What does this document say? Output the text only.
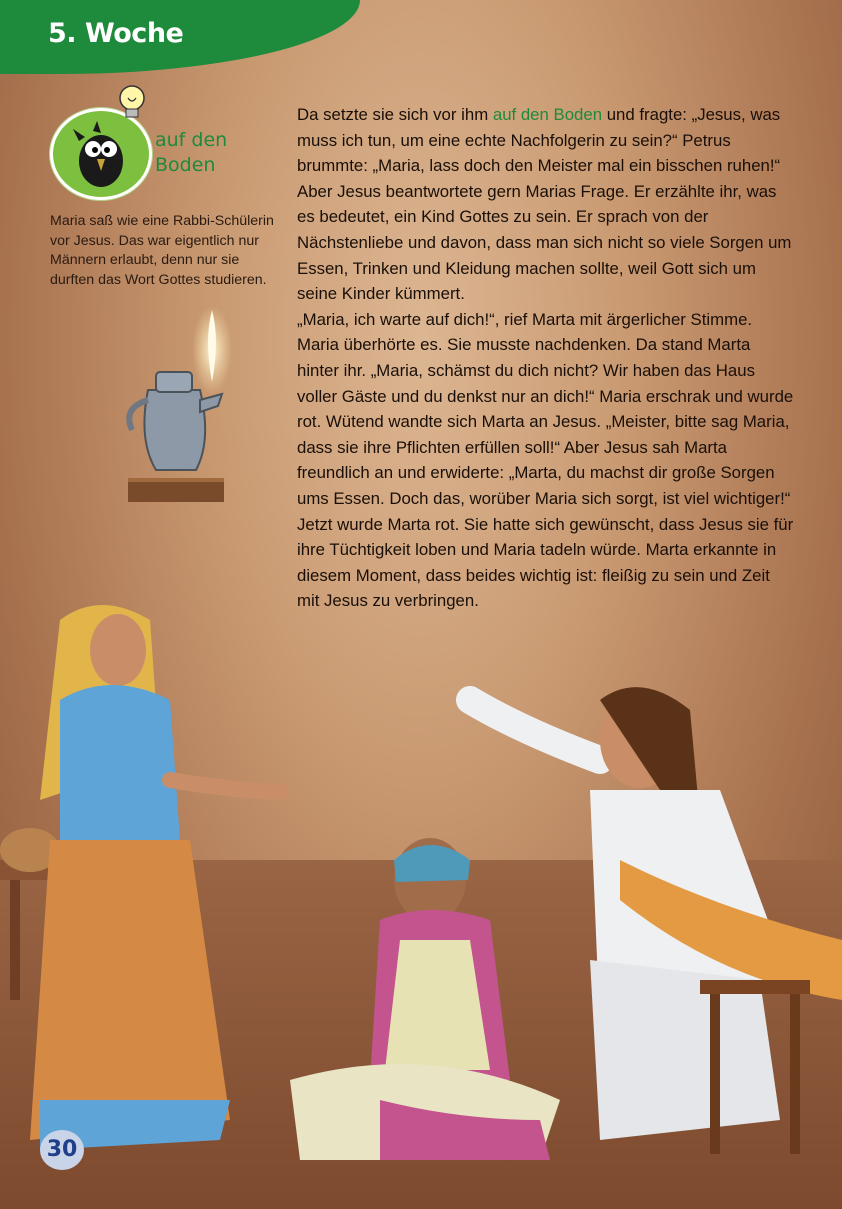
5. Woche
auf den
Boden
Maria saß wie eine Rabbi-Schülerin vor Jesus. Das war eigentlich nur Männern erlaubt, denn nur sie durften das Wort Gottes studieren.

Da setzte sie sich vor ihm auf den Boden und fragte: „Jesus, was muss ich tun, um eine echte Nachfolgerin zu sein?“ Petrus brummte: „Maria, lass doch den Meister mal ein bisschen ruhen!“ Aber Jesus beantwortete gern Marias Frage. Er erzählte ihr, was es bedeutet, ein Kind Gottes zu sein. Er sprach von der Nächstenliebe und davon, dass man sich nicht so viele Sorgen um Essen, Trinken und Kleidung machen sollte, weil Gott sich um seine Kinder kümmert.

„Maria, ich warte auf dich!“, rief Marta mit ärgerlicher Stimme. Maria überhörte es. Sie musste nachdenken. Da stand Marta hinter ihr. „Maria, schämst du dich nicht? Wir haben das Haus voller Gäste und du denkst nur an dich!“ Maria erschrak und wurde rot. Wütend wandte sich Marta an Jesus. „Meister, bitte sag Maria, dass sie ihre Pflichten erfüllen soll!“ Aber Jesus sah Marta freundlich an und erwiderte: „Marta, du machst dir große Sorgen ums Essen. Doch das, worüber Maria sich sorgt, ist viel wichtiger!“ Jetzt wurde Marta rot. Sie hatte sich gewünscht, dass Jesus sie für ihre Tüchtigkeit loben und Maria tadeln würde. Marta erkannte in diesem Moment, dass beides wichtig ist: fleißig zu sein und Zeit mit Jesus zu verbringen.

30
